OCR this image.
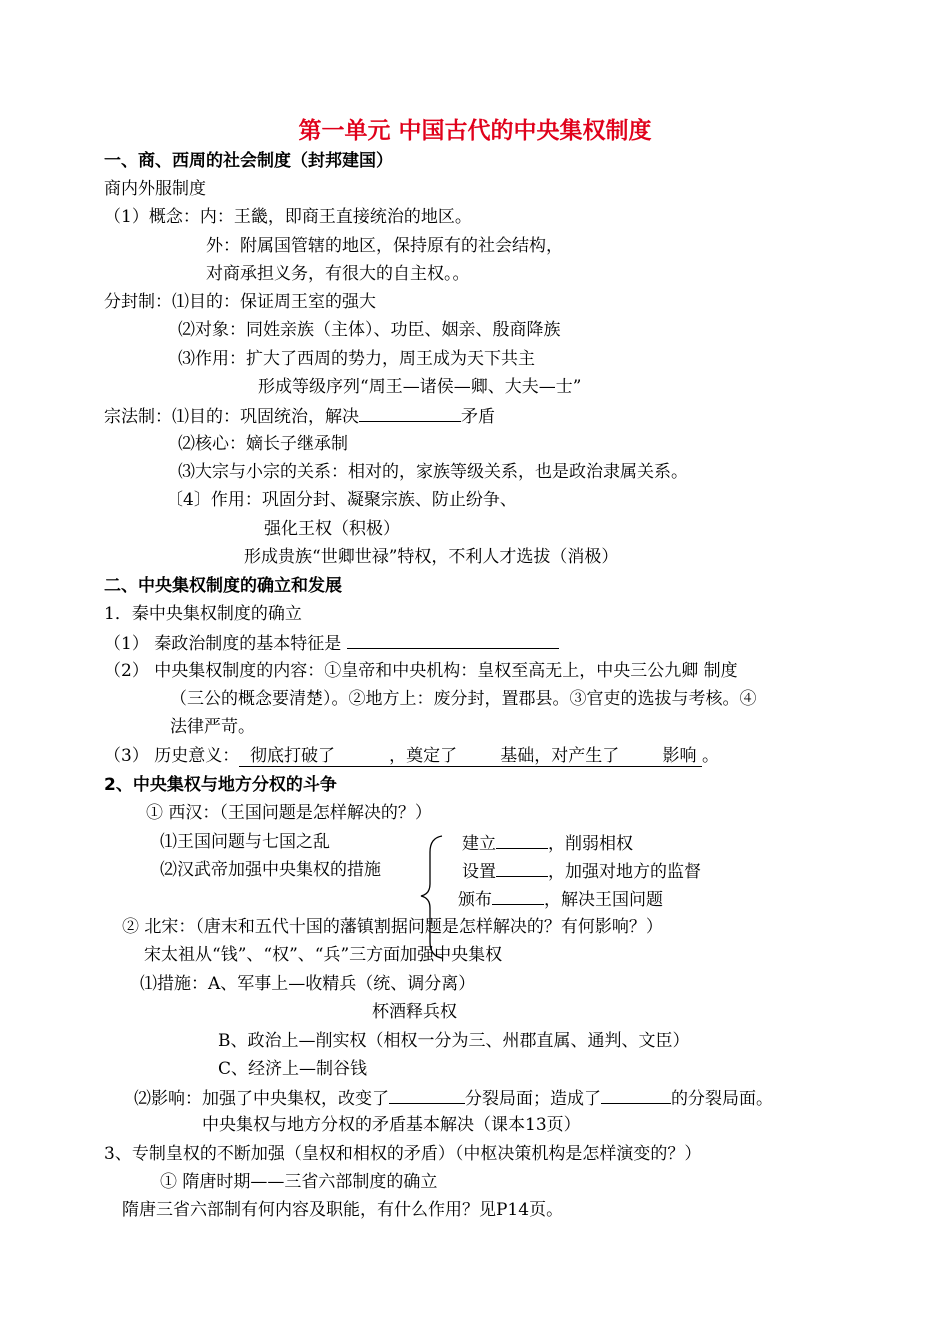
第一单元 中国古代的中央集权制度
一、商、西周的社会制度（封邦建国）
商内外服制度
（1）概念：内：王畿，即商王直接统治的地区。
外：附属国管辖的地区，保持原有的社会结构，
对商承担义务，有很大的自主权。。
分封制：⑴目的：保证周王室的强大
⑵对象：同姓亲族（主体）、功臣、姻亲、殷商降族
⑶作用：扩大了西周的势力，周王成为天下共主
形成等级序列“周王—诸侯—卿、大夫—士”
宗法制：⑴目的：巩固统治，解决	矛盾
⑵核心：嫡长子继承制
⑶大宗与小宗的关系：相对的，家族等级关系，也是政治隶属关系。
〔4〕作用：巩固分封、凝聚宗族、防止纷争、
强化王权（积极）
形成贵族“世卿世禄”特权，不利人才选拔（消极）
二、中央集权制度的确立和发展
1．秦中央集权制度的确立
（1） 秦政治制度的基本特征是
（2） 中央集权制度的内容：①皇帝和中央机构：皇权至高无上，中央三公九卿 制度
（三公的概念要清楚）。②地方上：废分封，置郡县。③官吏的选拔与考核。④
法律严苛。
（3） 历史意义：  彻底打破了          ，奠定了        基础，对产生了        影响 。
2、中央集权与地方分权的斗争
① 西汉：（王国问题是怎样解决的？）
⑴王国问题与七国之乱
⑵汉武帝加强中央集权的措施
建立	，削弱相权
设置	，加强对地方的监督
颁布	，解决王国问题
② 北宋：（唐末和五代十国的藩镇割据问题是怎样解决的？有何影响？）
宋太祖从“钱”、“权”、“兵”三方面加强中央集权
⑴措施：A、军事上—收精兵（统、调分离）
杯酒释兵权
B、政治上—削实权（相权一分为三、州郡直属、通判、文臣）
C、经济上—制谷钱
⑵影响：加强了中央集权，改变了	分裂局面；造成了	的分裂局面。
中央集权与地方分权的矛盾基本解决（课本13页）
3、专制皇权的不断加强（皇权和相权的矛盾）（中枢决策机构是怎样演变的？）
① 隋唐时期——三省六部制度的确立
隋唐三省六部制有何内容及职能，有什么作用？见P14页。
